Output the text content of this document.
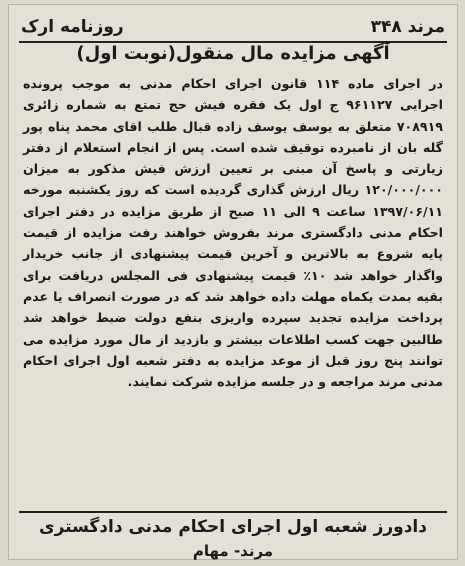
مرند ۳۴۸
روزنامه ارک
آگهی مزایده مال منقول(نوبت اول)

در اجرای ماده ۱۱۴ قانون اجرای احکام مدنی به موجب پرونده اجرایی ۹۶۱۱۲۷ ج اول یک فقره فیش حج تمتع به شماره زائری ۷۰۸۹۱۹ متعلق به یوسف یوسف زاده قبال طلب اقای محمد پناه پور گله بان از نامبرده توقیف شده است. پس از انجام استعلام از دفتر زیارتی و پاسخ آن مبنی بر تعیین ارزش فیش مذکور به میزان ۱۲۰/۰۰۰/۰۰۰ ریال ارزش گذاری گردیده است که روز یکشنبه مورخه ۱۳۹۷/۰۶/۱۱ ساعت ۹ الی ۱۱ صبح از طریق مزایده در دفتر اجرای احکام مدنی دادگستری مرند بفروش خواهند رفت مزایده از قیمت پایه شروع به بالاترین و آخرین قیمت پیشنهادی از جانب خریدار واگذار خواهد شد ۱۰٪ قیمت پیشنهادی فی المجلس دریافت برای بقیه بمدت یکماه مهلت داده خواهد شد که در صورت انصراف یا عدم پرداخت مزایده تجدید سپرده واریزی بنفع دولت ضبط خواهد شد طالبین جهت کسب اطلاعات بیشتر و بازدید از مال مورد مزایده می توانند پنج روز قبل از موعد مزایده به دفتر شعبه اول اجرای احکام مدنی مرند مراجعه و در جلسه مزایده شرکت نمایند.

دادورز شعبه اول اجرای احکام مدنی دادگستری
مرند- مهام
